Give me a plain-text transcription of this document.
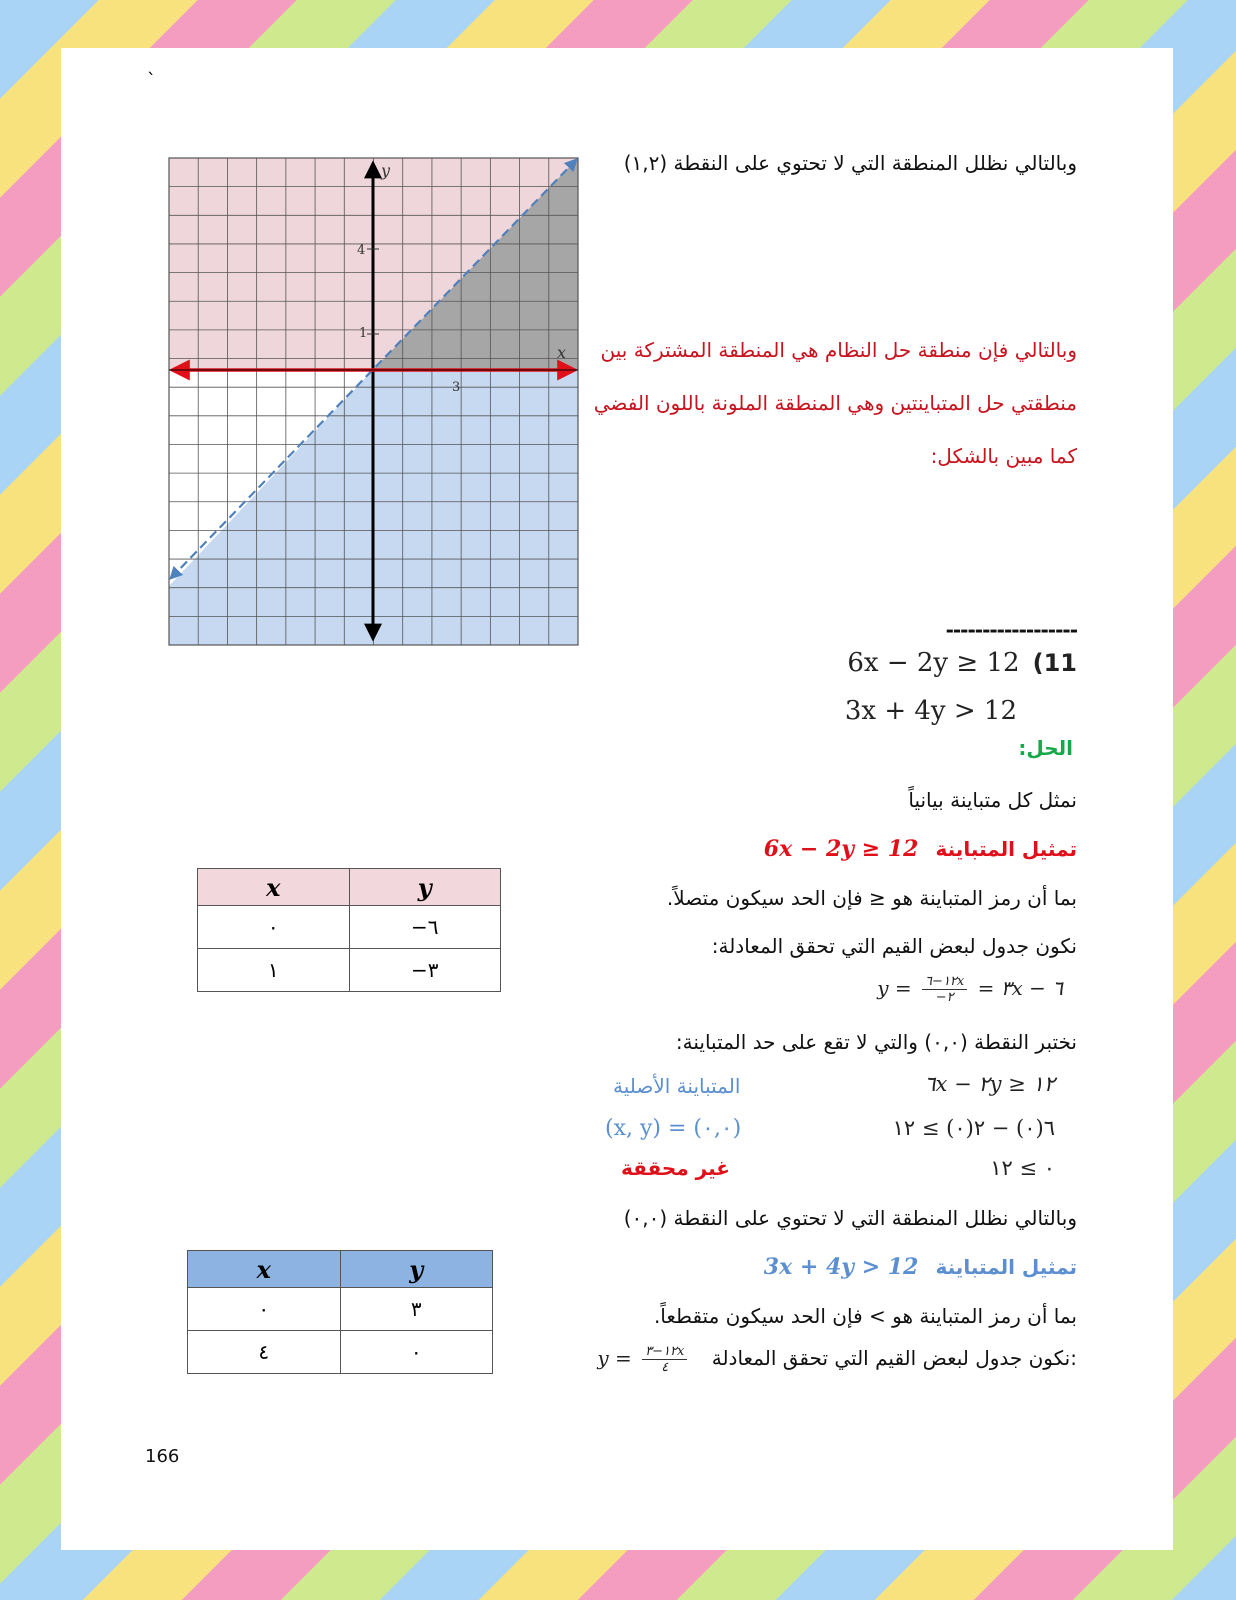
`
y
x
4
1
3
وبالتالي نظلل المنطقة التي لا تحتوي على النقطة (١,٢)
وبالتالي فإن منطقة حل النظام هي المنطقة المشتركة بين
منطقتي حل المتباينتين وهي المنطقة الملونة باللون الفضي
كما مبين بالشكل:
------------------
6x − 2y ≥ 12 (11
3x + 4y > 12
الحل:
نمثل كل متباينة بيانياً
6x − 2y ≥ 12 تمثيل المتباينة
بما أن رمز المتباينة هو ≤ فإن الحد سيكون متصلاً.
نكون جدول لبعض القيم التي تحقق المعادلة:
$y = \frac{١٢-٦x}{-٢}$ = ٣x − ٦
نختبر النقطة (٠,٠) والتي لا تقع على حد المتباينة:
المتباينة الأصلية	٦x − ٢y ≥ ١٢
(x, y) = (٠,٠)	٦(٠) − ٢(٠) ≥ ١٢
غير محققة	٠ ≥ ١٢
وبالتالي نظلل المنطقة التي لا تحتوي على النقطة (٠,٠)
3x + 4y > 12 تمثيل المتباينة
بما أن رمز المتباينة هو > فإن الحد سيكون متقطعاً.
$y = \frac{١٢-٣x}{٤}$ نكون جدول لبعض القيم التي تحقق المعادلة:
x	y
٠	−٦
١	−٣
x	y
٠	٣
٤	٠
166
